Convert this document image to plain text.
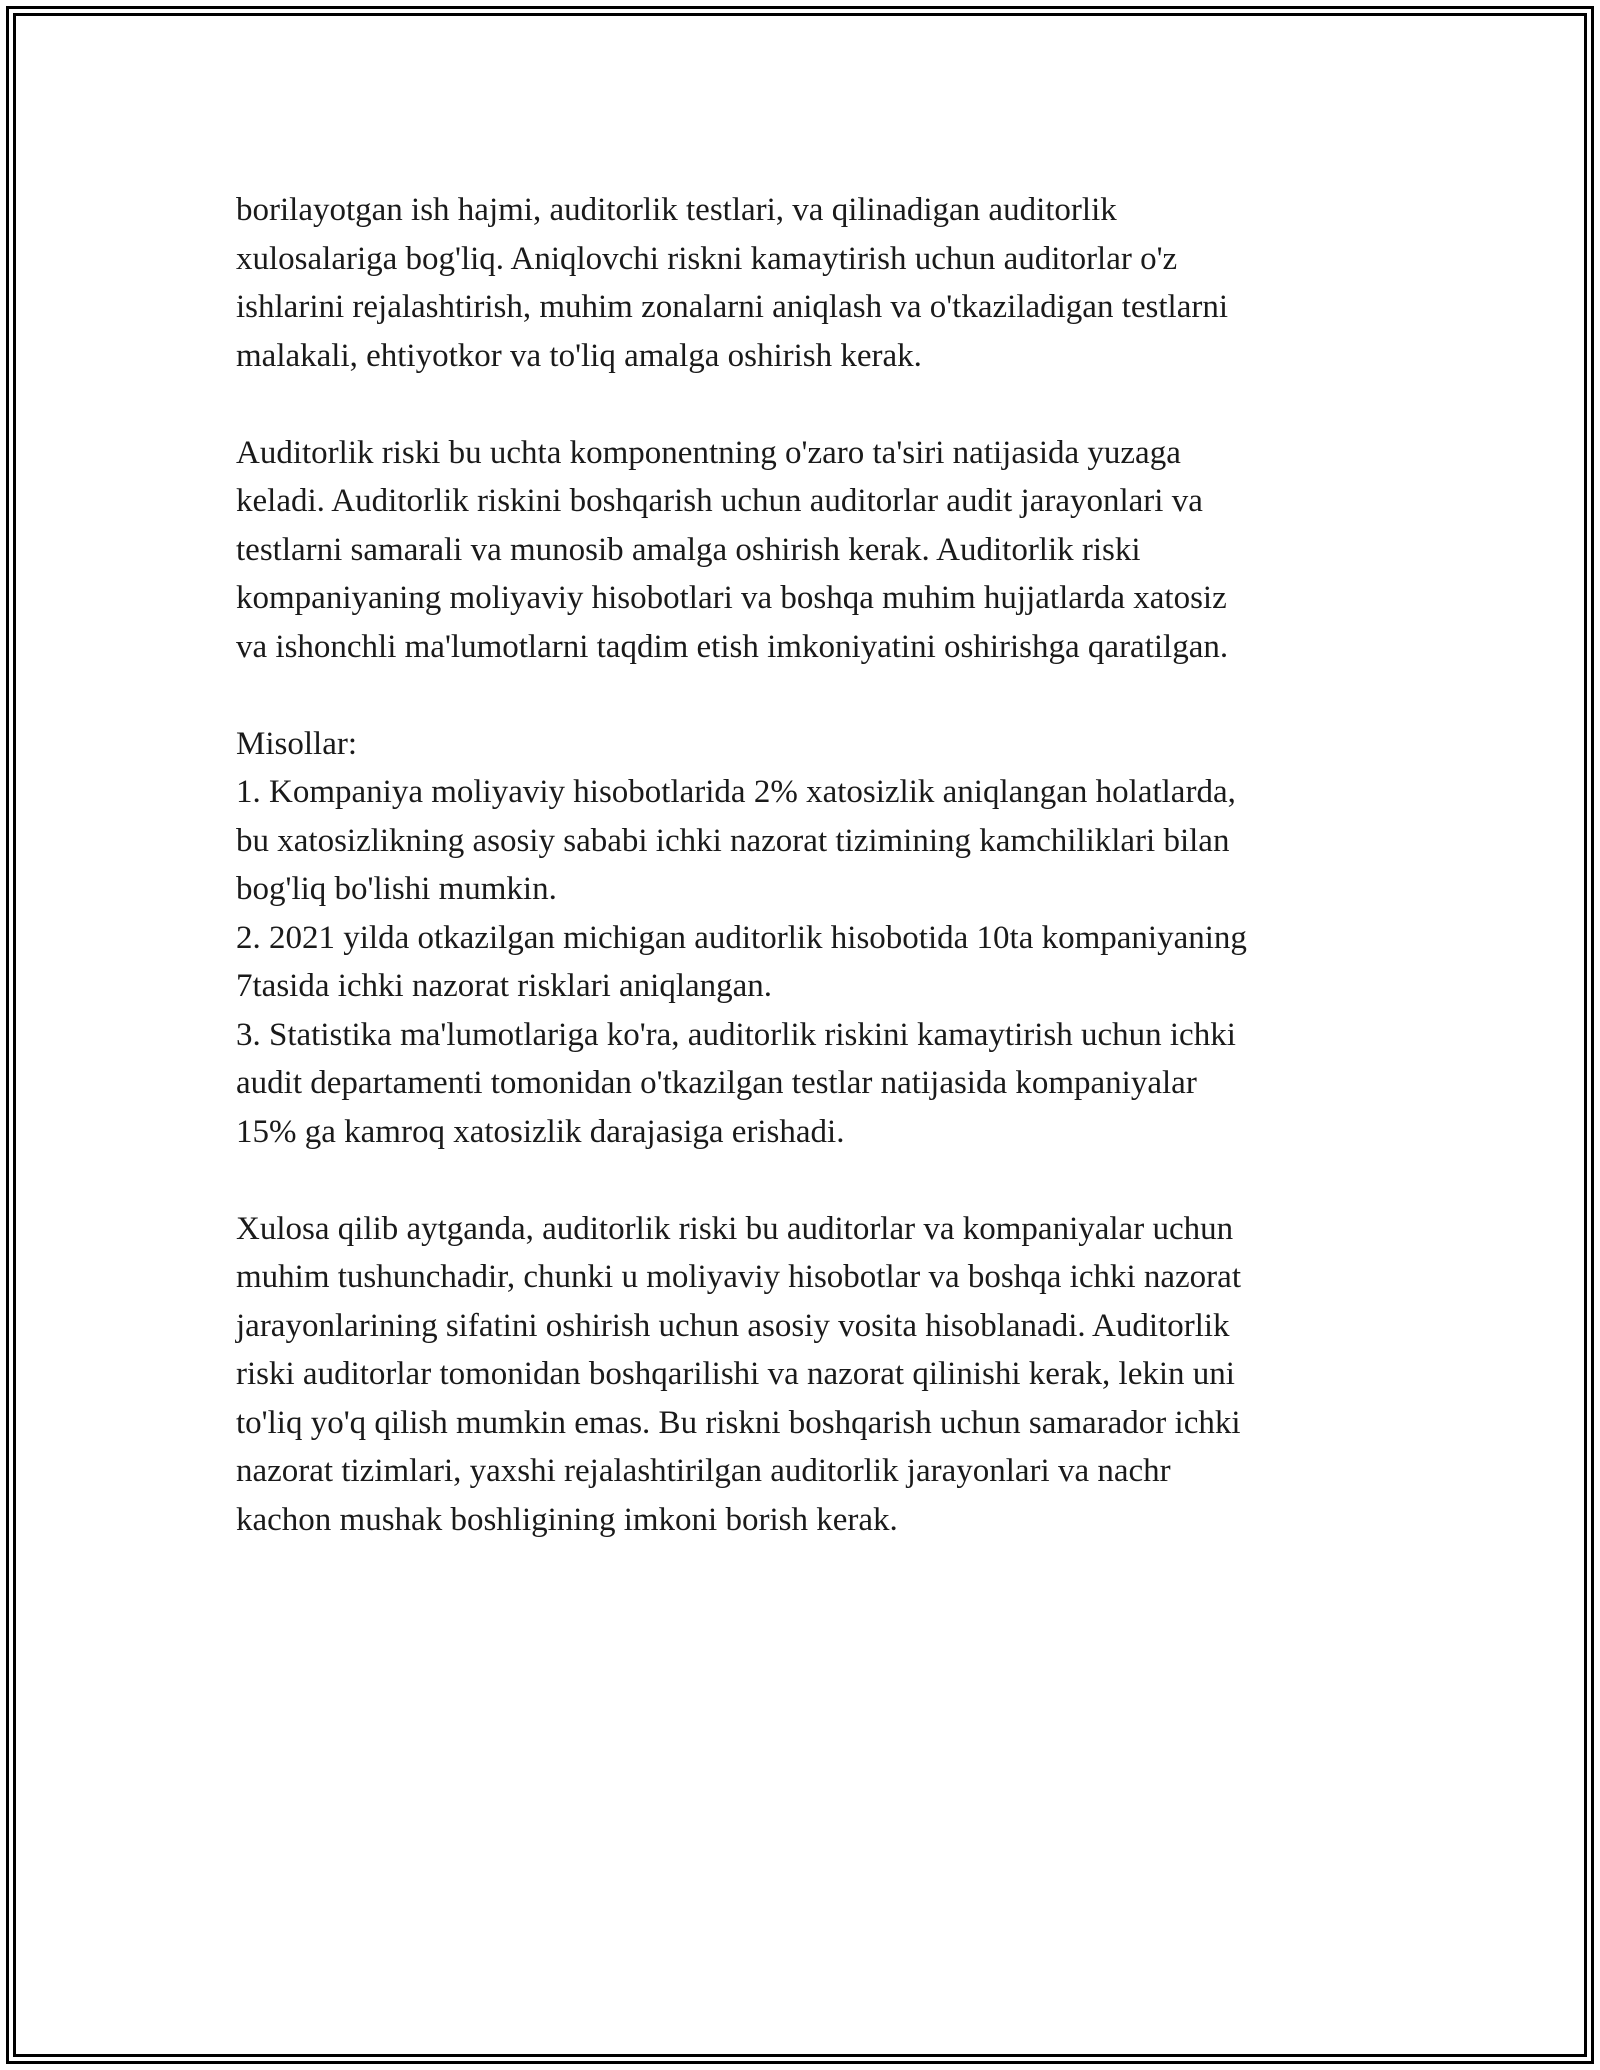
borilayotgan ish hajmi, auditorlik testlari, va qilinadigan auditorlik
xulosalariga bog'liq. Aniqlovchi riskni kamaytirish uchun auditorlar o'z
ishlarini rejalashtirish, muhim zonalarni aniqlash va o'tkaziladigan testlarni
malakali, ehtiyotkor va to'liq amalga oshirish kerak.

Auditorlik riski bu uchta komponentning o'zaro ta'siri natijasida yuzaga
keladi. Auditorlik riskini boshqarish uchun auditorlar audit jarayonlari va
testlarni samarali va munosib amalga oshirish kerak. Auditorlik riski
kompaniyaning moliyaviy hisobotlari va boshqa muhim hujjatlarda xatosiz
va ishonchli ma'lumotlarni taqdim etish imkoniyatini oshirishga qaratilgan.

Misollar:
1. Kompaniya moliyaviy hisobotlarida 2% xatosizlik aniqlangan holatlarda,
bu xatosizlikning asosiy sababi ichki nazorat tizimining kamchiliklari bilan
bog'liq bo'lishi mumkin.
2. 2021 yilda otkazilgan michigan auditorlik hisobotida 10ta kompaniyaning
7tasida ichki nazorat risklari aniqlangan.
3. Statistika ma'lumotlariga ko'ra, auditorlik riskini kamaytirish uchun ichki
audit departamenti tomonidan o'tkazilgan testlar natijasida kompaniyalar
15% ga kamroq xatosizlik darajasiga erishadi.

Xulosa qilib aytganda, auditorlik riski bu auditorlar va kompaniyalar uchun
muhim tushunchadir, chunki u moliyaviy hisobotlar va boshqa ichki nazorat
jarayonlarining sifatini oshirish uchun asosiy vosita hisoblanadi. Auditorlik
riski auditorlar tomonidan boshqarilishi va nazorat qilinishi kerak, lekin uni
to'liq yo'q qilish mumkin emas. Bu riskni boshqarish uchun samarador ichki
nazorat tizimlari, yaxshi rejalashtirilgan auditorlik jarayonlari va nachr
kachon mushak boshligining imkoni borish kerak.
